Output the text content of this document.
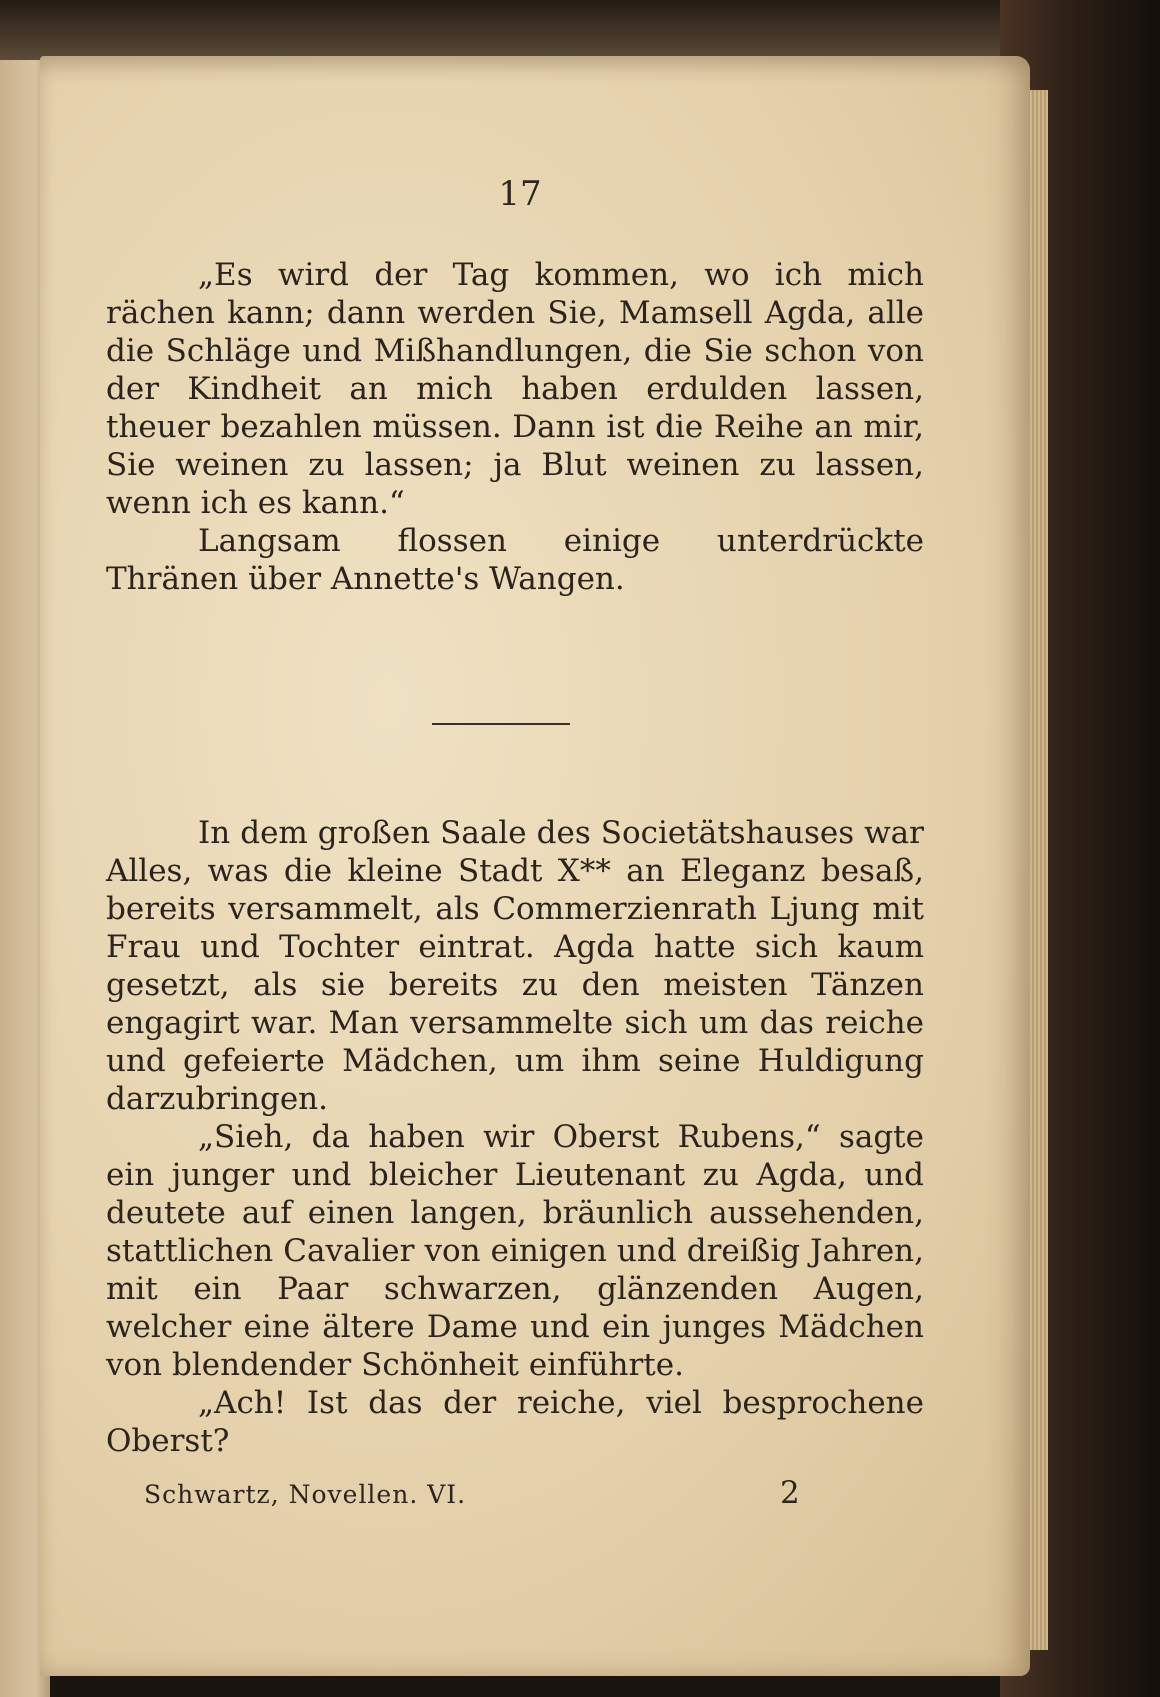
17

„Es wird der Tag kommen, wo ich mich rächen kann; dann werden Sie, Mamsell Agda, alle die Schläge und Mißhandlungen, die Sie schon von der Kindheit an mich haben erdulden lassen, theuer bezahlen müssen. Dann ist die Reihe an mir, Sie weinen zu lassen; ja Blut weinen zu lassen, wenn ich es kann.“

Langsam flossen einige unterdrückte Thränen über Annette's Wangen.

In dem großen Saale des Societätshauses war Alles, was die kleine Stadt X** an Eleganz besaß, bereits versammelt, als Commerzienrath Ljung mit Frau und Tochter eintrat. Agda hatte sich kaum gesetzt, als sie bereits zu den meisten Tänzen engagirt war. Man versammelte sich um das reiche und gefeierte Mädchen, um ihm seine Huldigung darzubringen.

„Sieh, da haben wir Oberst Rubens,“ sagte ein junger und bleicher Lieutenant zu Agda, und deutete auf einen langen, bräunlich aussehenden, stattlichen Cavalier von einigen und dreißig Jahren, mit ein Paar schwarzen, glänzenden Augen, welcher eine ältere Dame und ein junges Mädchen von blendender Schönheit einführte.

„Ach! Ist das der reiche, viel besprochene Oberst?

Schwartz, Novellen. VI.	2
